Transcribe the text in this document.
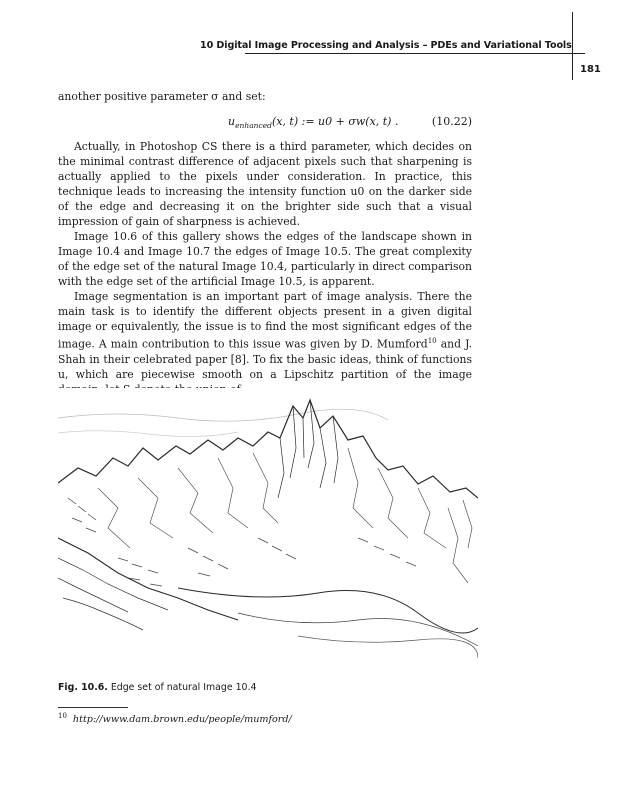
10 Digital Image Processing and Analysis – PDEs and Variational Tools
181

another positive parameter σ and set:

$u_{enhanced}(x$, t) := u0 + σw(x, t) .	(10.22)

Actually, in Photoshop CS there is a third parameter, which decides on the minimal contrast difference of adjacent pixels such that sharpening is actually applied to the pixels under consideration. In practice, this technique leads to increasing the intensity function u0 on the darker side of the edge and decreasing it on the brighter side such that a visual impression of gain of sharpness is achieved.

Image 10.6 of this gallery shows the edges of the landscape shown in Image 10.4 and Image 10.7 the edges of Image 10.5. The great complexity of the edge set of the natural Image 10.4, particularly in direct comparison with the edge set of the artificial Image 10.5, is apparent.

Image segmentation is an important part of image analysis. There the main task is to identify the different objects present in a given digital image or equivalently, the issue is to find the most significant edges of the image. A main contribution to this issue was given by D. Mumford$^{10}$ and J. Shah in their celebrated paper [8]. To fix the basic ideas, think of functions u, which are piecewise smooth on a Lipschitz partition of the image

Fig. 10.6. Edge set of natural Image 10.4
$^{10}$ http://www.dam.brown.edu/people/mumford/
